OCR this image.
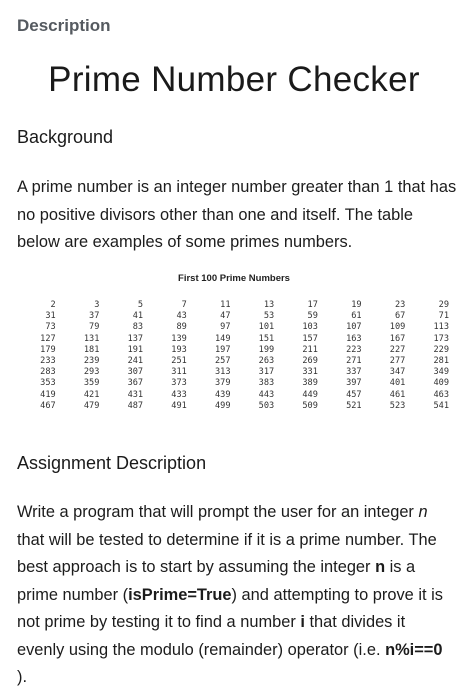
Description
Prime Number Checker
Background
A prime number is an integer number greater than 1 that has no positive divisors other than one and itself. The table below are examples of some primes numbers.
First 100 Prime Numbers
2	3	5	7	11	13	17	19	23	29
31	37	41	43	47	53	59	61	67	71
73	79	83	89	97	101	103	107	109	113
127	131	137	139	149	151	157	163	167	173
179	181	191	193	197	199	211	223	227	229
233	239	241	251	257	263	269	271	277	281
283	293	307	311	313	317	331	337	347	349
353	359	367	373	379	383	389	397	401	409
419	421	431	433	439	443	449	457	461	463
467	479	487	491	499	503	509	521	523	541
Assignment Description
Write a program that will prompt the user for an integer n that will be tested to determine if it is a prime number. The best approach is to start by assuming the integer n is a prime number (isPrime=True) and attempting to prove it is not prime by testing it to find a number i that divides it evenly using the modulo (remainder) operator (i.e. n%i==0 ).
